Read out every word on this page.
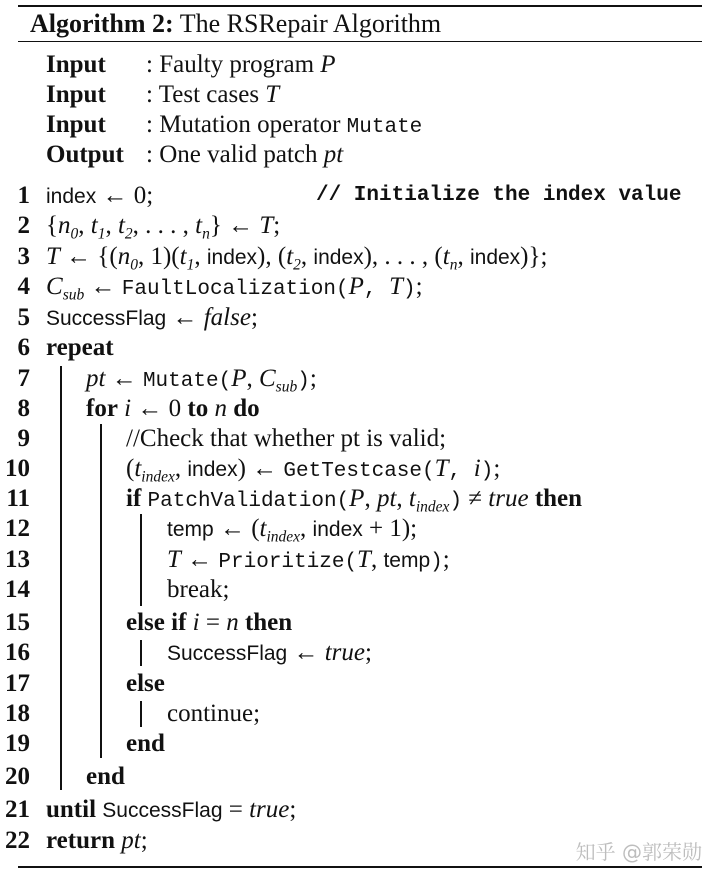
Algorithm 2: The RSRepair Algorithm
Input : Faulty program P
Input : Test cases T
Input : Mutation operator Mutate
Output : One valid patch pt
1 index ← 0;	// Initialize the index value
2 {$n_0$, $t_1$, $t_2$, . . . , $t_n$} ← T;
3 T ← {($n_0$, $1)(t_1$, index), ($t_2$, index), . . . , ($t_n$, index)};
4 $C_{sub}$ ← FaultLocalization(P, T);
5 SuccessFlag ← false;
6 repeat
7 pt ← Mutate(P, $C_{sub}$);
8 for i ← 0 to n do
9	//Check that whether pt is valid;
10	($t_{index}$, index) ← GetTestcase(T, i);
11	if PatchValidation(P, pt, $t_{index}$) ≠ true then
12	temp ← ($t_{index}$, index + 1);
13	T ← Prioritize(T, temp);
14	break;
15	else if i = n then
16	SuccessFlag ← true;
17	else
18	continue;
19	end
20 end
21 until SuccessFlag = true;
22 return pt;	知乎 @郭荣勋
